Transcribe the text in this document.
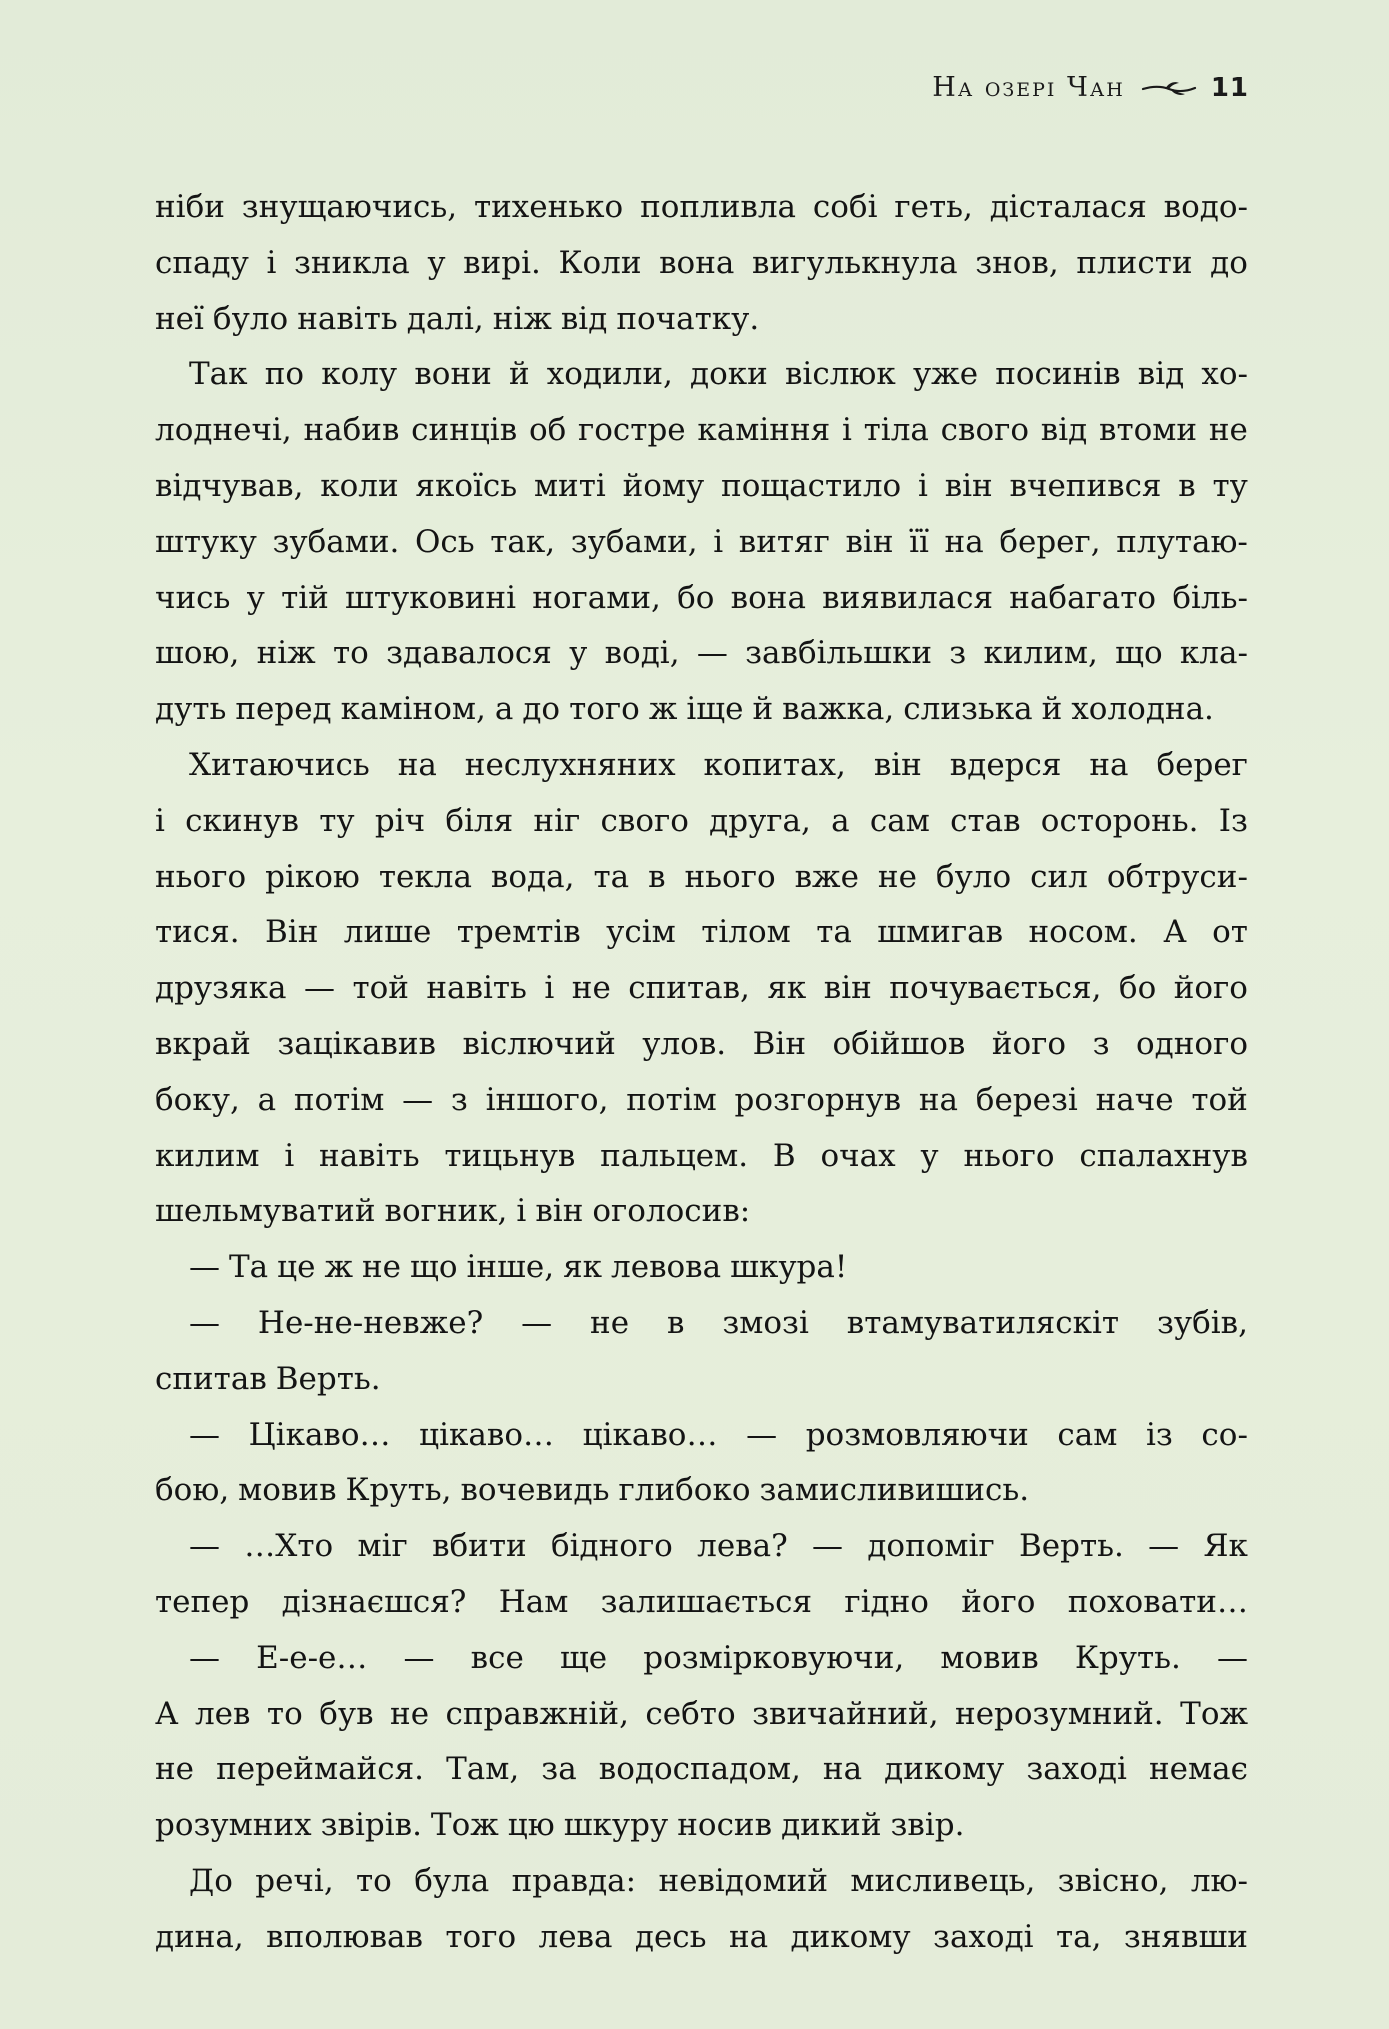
На озері Чан	11
ніби знущаючись, тихенько попливла собі геть, дісталася водо-
спаду і зникла у вирі. Коли вона вигулькнула знов, плисти до
неї було навіть далі, ніж від початку.
Так по колу вони й ходили, доки віслюк уже посинів від хо-
лоднечі, набив синців об гостре каміння і тіла свого від втоми не
відчував, коли якоїсь миті йому пощастило і він вчепився в ту
штуку зубами. Ось так, зубами, і витяг він її на берег, плутаю-
чись у тій штуковині ногами, бо вона виявилася набагато біль-
шою, ніж то здавалося у воді, — завбільшки з килим, що кла-
дуть перед каміном, а до того ж іще й важка, слизька й холодна.
Хитаючись на неслухняних копитах, він вдерся на берег
і скинув ту річ біля ніг свого друга, а сам став осторонь. Із
нього рікою текла вода, та в нього вже не було сил обтруси-
тися. Він лише тремтів усім тілом та шмигав носом. А от
друзяка — той навіть і не спитав, як він почувається, бо його
вкрай зацікавив віслючий улов. Він обійшов його з одного
боку, а потім — з іншого, потім розгорнув на березі наче той
килим і навіть тицьнув пальцем. В очах у нього спалахнув
шельмуватий вогник, і він оголосив:
— Та це ж не що інше, як левова шкура!
— Не-не-невже? — не в змозі втамуватиляскіт зубів,
спитав Верть.
— Цікаво… цікаво… цікаво… — розмовляючи сам із со-
бою, мовив Круть, вочевидь глибоко замисливишись.
— …Хто міг вбити бідного лева? — допоміг Верть. — Як
тепер дізнаєшся? Нам залишається гідно його поховати…
— Е-е-е… — все ще розмірковуючи, мовив Круть. —
А лев то був не справжній, себто звичайний, нерозумний. Тож
не переймайся. Там, за водоспадом, на дикому заході немає
розумних звірів. Тож цю шкуру носив дикий звір.
До речі, то була правда: невідомий мисливець, звісно, лю-
дина, вполював того лева десь на дикому заході та, знявши
